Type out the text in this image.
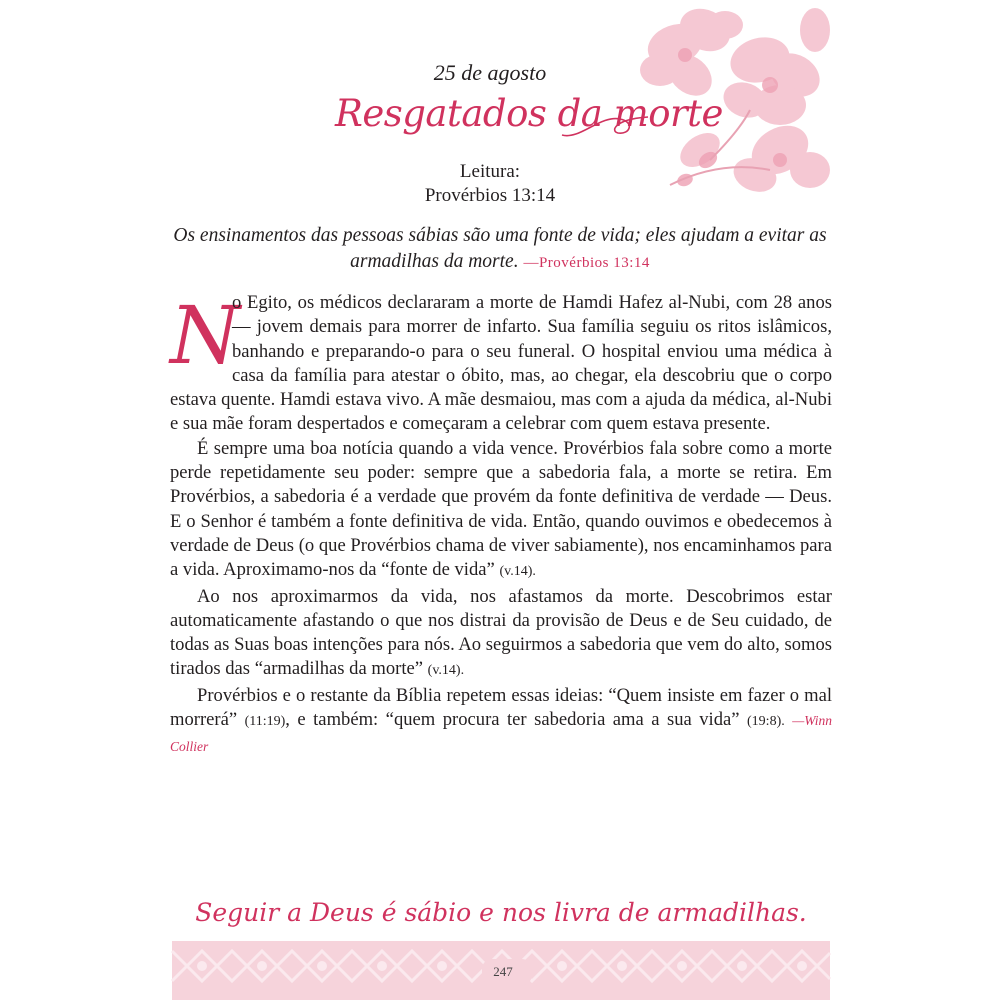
25 de agosto
Resgatados da morte
Leitura:
Provérbios 13:14
Os ensinamentos das pessoas sábias são uma fonte de vida; eles ajudam a evitar as armadilhas da morte. —Provérbios 13:14

N
o Egito, os médicos declararam a morte de Hamdi Hafez al-Nubi, com 28 anos — jovem demais para morrer de infarto. Sua família seguiu os ritos islâmicos, banhando e preparando-o para o seu funeral. O hospital enviou uma médica à casa da família para atestar o óbito, mas, ao chegar, ela descobriu que o corpo estava quente. Hamdi estava vivo. A mãe desmaiou, mas com a ajuda da médica, al-Nubi e sua mãe foram despertados e começaram a celebrar com quem estava presente.

É sempre uma boa notícia quando a vida vence. Provérbios fala sobre como a morte perde repetidamente seu poder: sempre que a sabedoria fala, a morte se retira. Em Provérbios, a sabedoria é a verdade que provém da fonte definitiva de verdade — Deus. E o Senhor é também a fonte definitiva de vida. Então, quando ouvimos e obedecemos à verdade de Deus (o que Provérbios chama de viver sabiamente), nos encaminhamos para a vida. Aproximamo-nos da “fonte de vida” (v.14).

Ao nos aproximarmos da vida, nos afastamos da morte. Descobrimos estar automaticamente afastando o que nos distrai da provisão de Deus e de Seu cuidado, de todas as Suas boas intenções para nós. Ao seguirmos a sabedoria que vem do alto, somos tirados das “armadilhas da morte” (v.14).

Provérbios e o restante da Bíblia repetem essas ideias: “Quem insiste em fazer o mal morrerá” (11:19), e também: “quem procura ter sabedoria ama a sua vida” (19:8). —Winn Collier

Seguir a Deus é sábio e nos livra de armadilhas.
247
